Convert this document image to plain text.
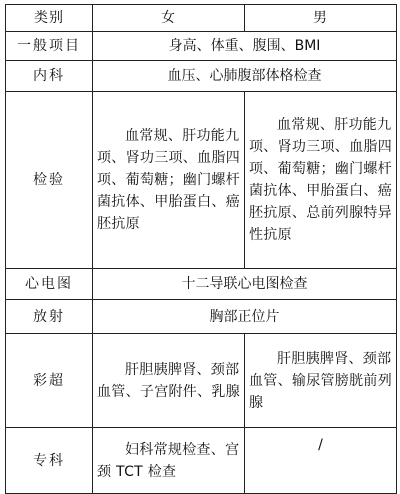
类别	女	男
一般项目	身高、体重、腹围、BMI	
内科	血压、心肺腹部体格检查	
检验	血常规、肝功能九项、肾功三项、血脂四项、葡萄糖；幽门螺杆菌抗体、甲胎蛋白、癌胚抗原	血常规、肝功能九项、肾功三项、血脂四项、葡萄糖；幽门螺杆菌抗体、甲胎蛋白、癌胚抗原、总前列腺特异性抗原

心电图	十二导联心电图检查	
放射	胸部正位片	
彩超	肝胆胰脾肾、颈部血管、子宫附件、乳腺	肝胆胰脾肾、颈部血管、输尿管膀胱前列腺

专科	妇科常规检查、宫颈 TCT 检查	/
